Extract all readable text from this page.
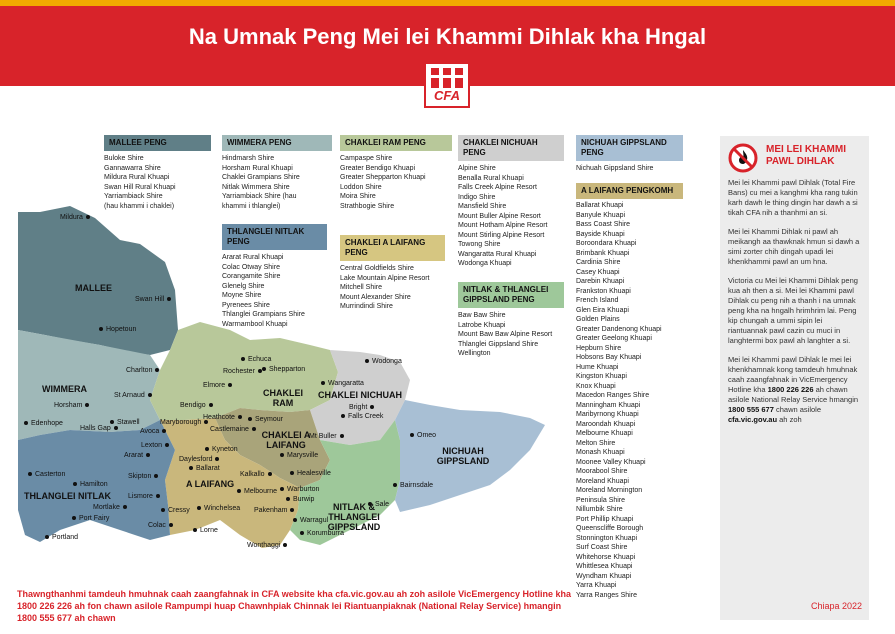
Na Umnak Peng Mei lei Khammi Dihlak kha Hngal
CFA
MALLEE
WIMMERA	CHAKLEI RAM
CHAKLEI NICHUAH
CHAKLEI A LAIFANG
A LAIFANG
THLANGLEI NITLAK
NITLAK & THLANGLEI GIPPSLAND
NICHUAH GIPPSLAND
Mildura
Swan Hill
Hopetoun
Charlton
Echuca
Rochester	Shepparton
Wodonga
Wangaratta
Elmore
Horsham
St Arnaud
Bendigo	Bright
Falls Creek
Heathcote	Seymour
Edenhope
Halls Gap
Stawell	Maryborough
Castlemaine
Avoca
Mt Buller	Omeo
Lexton
Kyneton
Ararat
Daylesford
Marysville
Ballarat
Casterton	Skipton	Kalkallo	Healesville
Hamilton
Melbourne	Warburton
Bairnsdale
Lismore	Burwip
Mortlake	Cressy	Winchelsea Pakenham
Sale
Port Fairy	Warragul
Colac
Lorne	Korumburra
Portland
Wonthaggi
MALLEE PENG
Buloke Shire
Gannawarra Shire
Mildura Rural Khuapi
Swan Hill Rural Khuapi
Yarriambiack Shire
(hau khammi i chaklei)
WIMMERA PENG
Hindmarsh Shire
Horsham Rural Khuapi
Chaklei Grampians Shire
Nitlak Wimmera Shire
Yarriambiack Shire (hau
khammi i thlanglei)
THLANGLEI NITLAK PENG
Ararat Rural Khuapi
Colac Otway Shire
Corangamite Shire
Glenelg Shire
Moyne Shire
Pyrenees Shire
Thlanglei Grampians Shire
Warrnambool Khuapi
CHAKLEI RAM PENG
Campaspe Shire
Greater Bendigo Khuapi
Greater Shepparton Khuapi
Loddon Shire
Moira Shire
Strathbogie Shire
CHAKLEI A LAIFANG PENG
Central Goldfields Shire
Lake Mountain Alpine Resort
Mitchell Shire
Mount Alexander Shire
Murrindindi Shire
CHAKLEI NICHUAH PENG
Alpine Shire
Benalla Rural Khuapi
Falls Creek Alpine Resort
Indigo Shire
Mansfield Shire
Mount Buller Alpine Resort
Mount Hotham Alpine Resort
Mount Stirling Alpine Resort
Towong Shire
Wangaratta Rural Khuapi
Wodonga Khuapi
NITLAK & THLANGLEI GIPPSLAND PENG
Baw Baw Shire
Latrobe Khuapi
Mount Baw Baw Alpine Resort
Thlanglei Gippsland Shire
Wellington
NICHUAH GIPPSLAND PENG
Nichuah Gippsland Shire
A LAIFANG PENGKOMH
Ballarat Khuapi
Banyule Khuapi
Bass Coast Shire
Bayside Khuapi
Boroondara Khuapi
Brimbank Khuapi
Cardinia Shire
Casey Khuapi
Darebin Khuapi
Frankston Khuapi
French Island
Glen Eira Khuapi
Golden Plains
Greater Dandenong Khuapi
Greater Geelong Khuapi
Hepburn Shire
Hobsons Bay Khuapi
Hume Khuapi
Kingston Khuapi
Knox Khuapi
Macedon Ranges Shire
Manningham Khuapi
Maribyrnong Khuapi
Maroondah Khuapi
Melbourne Khuapi
Melton Shire
Monash Khuapi
Moonee Valley Khuapi
Moorabool Shire
Moreland Khuapi
Moreland Mornington
Peninsula Shire
Nillumbik Shire
Port Phillip Khuapi
Queenscliffe Borough
Stonnington Khuapi
Surf Coast Shire
Whitehorse Khuapi
Whittlesea Khuapi
Wyndham Khuapi
Yarra Khuapi
Yarra Ranges Shire
MEI LEI KHAMMI PAWL DIHLAK

Mei lei Khammi pawl Dihlak (Total Fire Bans) cu mei a kanghmi kha rang tukin karh dawh le thing dingin har dawh a si tikah CFA nih a thanhmi an si.

Mei lei Khammi Dihlak ni pawl ah meikangh aa thawknak hmun si dawh a simi zorter chih dingah upadi lei khenkhammi pawl an um hna.

Victoria cu Mei lei Khammi Dihlak peng kua ah then a si. Mei lei Khammi pawl Dihlak cu peng nih a thanh i na umnak peng kha na hngalh hrimhrim lai. Peng kip chungah a ummi sipin lei riantuannak pawl cazin cu muci in langhtermi box pawl ah langhter a si.

Mei lei Khammi pawl Dihlak le mei lei khenkhamnak kong tamdeuh hmuhnak caah zaangfahnak in VicEmergency Hotline kha 1800 226 226 ah chawn asilole National Relay Service hmangin 1800 555 677 chawn asilole cfa.vic.gov.au ah zoh

Thawngthanhmi tamdeuh hmuhnak caah zaangfahnak in CFA website kha cfa.vic.gov.au ah zoh asilole VicEmergency Hotline kha 1800 226 226 ah fon chawn asilole Rampumpi huap Chawnhpiak Chinnak lei Riantuanpiaknak (National Relay Service) hmangin 1800 555 677 ah chawn
Chiapa 2022
